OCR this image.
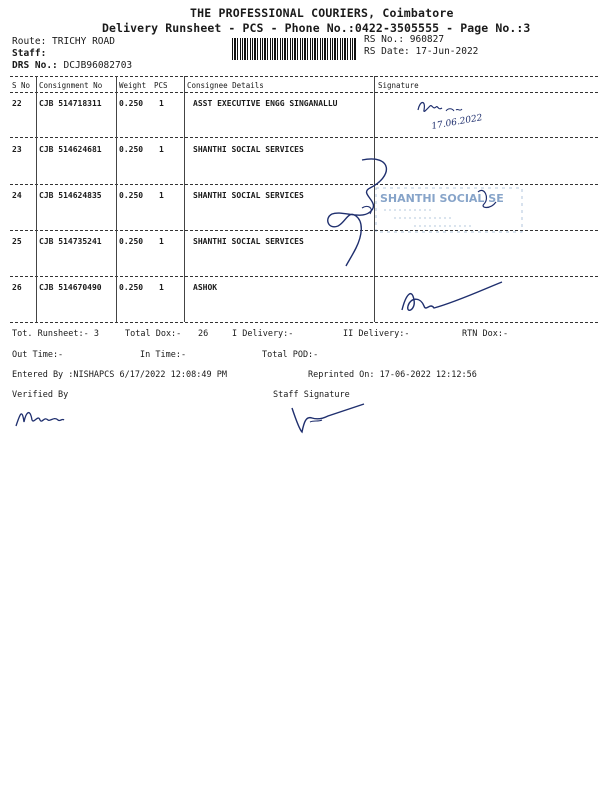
THE PROFESSIONAL COURIERS, Coimbatore
Delivery Runsheet - PCS - Phone No.:0422-3505555 - Page No.:3
Route: TRICHY ROAD
Staff:
DRS No.: DCJB96082703
RS No.: 960827
RS Date: 17-Jun-2022
S No Consignment No Weight PCS	Consignee Details	Signature
22 CJB 514718311 0.250 1	ASST EXECUTIVE ENGG SINGANALLU
23 CJB 514624681 0.250 1	SHANTHI SOCIAL SERVICES
24 CJB 514624835 0.250 1	SHANTHI SOCIAL SERVICES
25 CJB 514735241 0.250 1	SHANTHI SOCIAL SERVICES
26 CJB 514670490 0.250 1	ASHOK
17.06.2022
SHANTHI SOCIAL SE
Tot. Runsheet:- 3	Total Dox:- 26	I Delivery:-	II Delivery:-	RTN Dox:-
Out Time:-	In Time:-	Total POD:-
Entered By :NISHAPCS 6/17/2022 12:08:49 PM	Reprinted On: 17-06-2022 12:12:56
Verified By	Staff Signature
